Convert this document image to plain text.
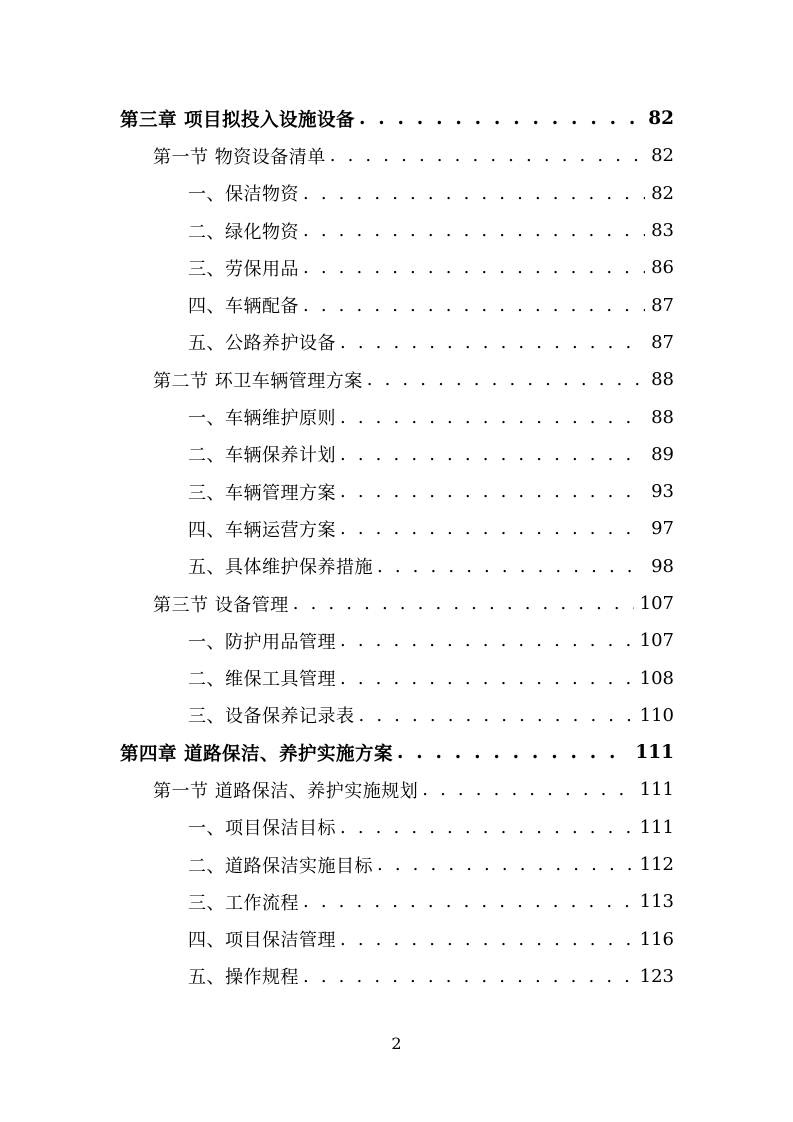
第三章 项目拟投入设施设备 . . .	82
第一节 物资设备清单 . . .	82
一、保洁物资 . . .	82
二、绿化物资 . . .	83
三、劳保用品 . . .	86
四、车辆配备 . . .	87
五、公路养护设备 . . .	87
第二节 环卫车辆管理方案 . . .	88
一、车辆维护原则 . . .	88
二、车辆保养计划 . . .	89
三、车辆管理方案 . . .	93
四、车辆运营方案 . . .	97
五、具体维护保养措施 . . .	98
第三节 设备管理 . . .	107
一、防护用品管理 . . .	107
二、维保工具管理 . . .	108
三、设备保养记录表 . . .	110
第四章 道路保洁、养护实施方案 . . .	111
第一节 道路保洁、养护实施规划 . . .	111
一、项目保洁目标 . . .	111
二、道路保洁实施目标 . . .	112
三、工作流程 . . .	113
四、项目保洁管理 . . .	116
五、操作规程 . . .	123
2
